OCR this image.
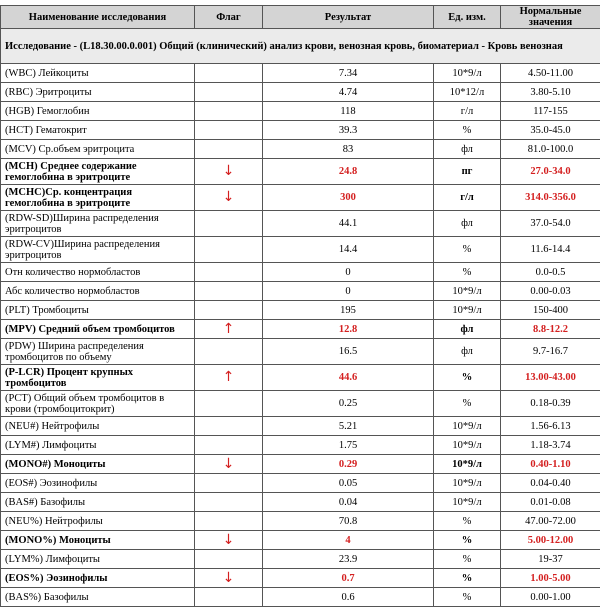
Наименование исследования	Флаг	Результат	Ед. изм.	Нормальные значения
Исследование - (L18.30.00.0.001) Общий (клинический) анализ крови, венозная кровь, биоматериал - Кровь венозная				
(WBC) Лейкоциты		7.34	10*9/л	4.50-11.00
(RBC) Эритроциты		4.74	10*12/л	3.80-5.10
(HGB) Гемоглобин		118	г/л	117-155
(HCT) Гематокрит		39.3	%	35.0-45.0
(MCV) Ср.объем эритроцита		83	фл	81.0-100.0
(MCH) Среднее содержание гемоглобина в эритроците	↓	24.8	пг	27.0-34.0
(MCHC)Ср. концентрация гемоглобина в эритроците	↓	300	г/л	314.0-356.0
(RDW-SD)Ширина распределения эритроцитов		44.1	фл	37.0-54.0
(RDW-CV)Ширина распределения эритроцитов		14.4	%	11.6-14.4
Отн количество нормобластов		0	%	0.0-0.5
Абс количество нормобластов		0	10*9/л	0.00-0.03
(PLT) Тромбоциты		195	10*9/л	150-400
(MPV) Средний объем тромбоцитов	↑	12.8	фл	8.8-12.2
(PDW) Ширина распределения тромбоцитов по объему		16.5	фл	9.7-16.7
(P-LCR) Процент крупных тромбоцитов	↑	44.6	%	13.00-43.00
(PCT) Общий объем тромбоцитов в крови (тромбоцитокрит)		0.25	%	0.18-0.39
(NEU#) Нейтрофилы		5.21	10*9/л	1.56-6.13
(LYM#) Лимфоциты		1.75	10*9/л	1.18-3.74
(MONO#) Моноциты	↓	0.29	10*9/л	0.40-1.10
(EOS#) Эозинофилы		0.05	10*9/л	0.04-0.40
(BAS#) Базофилы		0.04	10*9/л	0.01-0.08
(NEU%) Нейтрофилы		70.8	%	47.00-72.00
(MONO%) Моноциты	↓	4	%	5.00-12.00
(LYM%) Лимфоциты		23.9	%	19-37
(EOS%) Эозинофилы	↓	0.7	%	1.00-5.00
(BAS%) Базофилы		0.6	%	0.00-1.00
